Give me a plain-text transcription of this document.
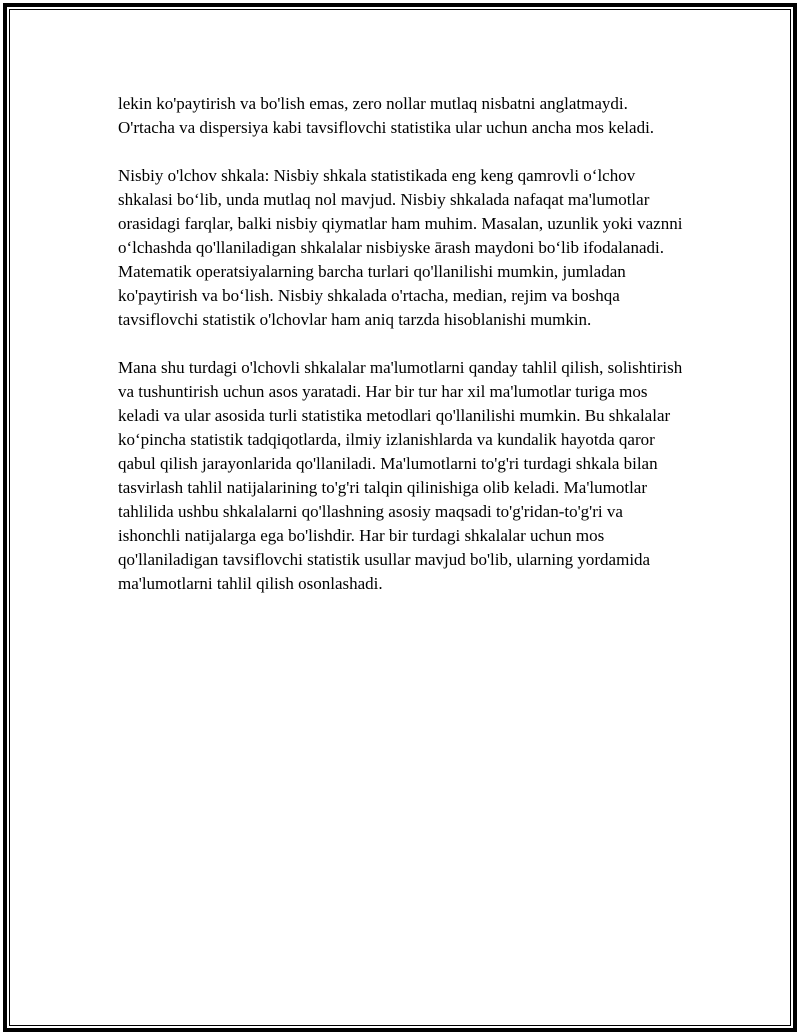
lekin ko'paytirish va bo'lish emas, zero nollar mutlaq nisbatni anglatmaydi. O'rtacha va dispersiya kabi tavsiflovchi statistika ular uchun ancha mos keladi.

Nisbiy o'lchov shkala: Nisbiy shkala statistikada eng keng qamrovli o‘lchov shkalasi bo‘lib, unda mutlaq nol mavjud. Nisbiy shkalada nafaqat ma'lumotlar orasidagi farqlar, balki nisbiy qiymatlar ham muhim. Masalan, uzunlik yoki vaznni o‘lchashda qo'llaniladigan shkalalar nisbiyske ārash maydoni bo‘lib ifodalanadi. Matematik operatsiyalarning barcha turlari qo'llanilishi mumkin, jumladan ko'paytirish va bo‘lish. Nisbiy shkalada o'rtacha, median, rejim va boshqa tavsiflovchi statistik o'lchovlar ham aniq tarzda hisoblanishi mumkin.

Mana shu turdagi o'lchovli shkalalar ma'lumotlarni qanday tahlil qilish, solishtirish va tushuntirish uchun asos yaratadi. Har bir tur har xil ma'lumotlar turiga mos keladi va ular asosida turli statistika metodlari qo'llanilishi mumkin. Bu shkalalar ko‘pincha statistik tadqiqotlarda, ilmiy izlanishlarda va kundalik hayotda qaror qabul qilish jarayonlarida qo'llaniladi. Ma'lumotlarni to'g'ri turdagi shkala bilan tasvirlash tahlil natijalarining to'g'ri talqin qilinishiga olib keladi. Ma'lumotlar tahlilida ushbu shkalalarni qo'llashning asosiy maqsadi to'g'ridan-to'g'ri va ishonchli natijalarga ega bo'lishdir. Har bir turdagi shkalalar uchun mos qo'llaniladigan tavsiflovchi statistik usullar mavjud bo'lib, ularning yordamida ma'lumotlarni tahlil qilish osonlashadi.
